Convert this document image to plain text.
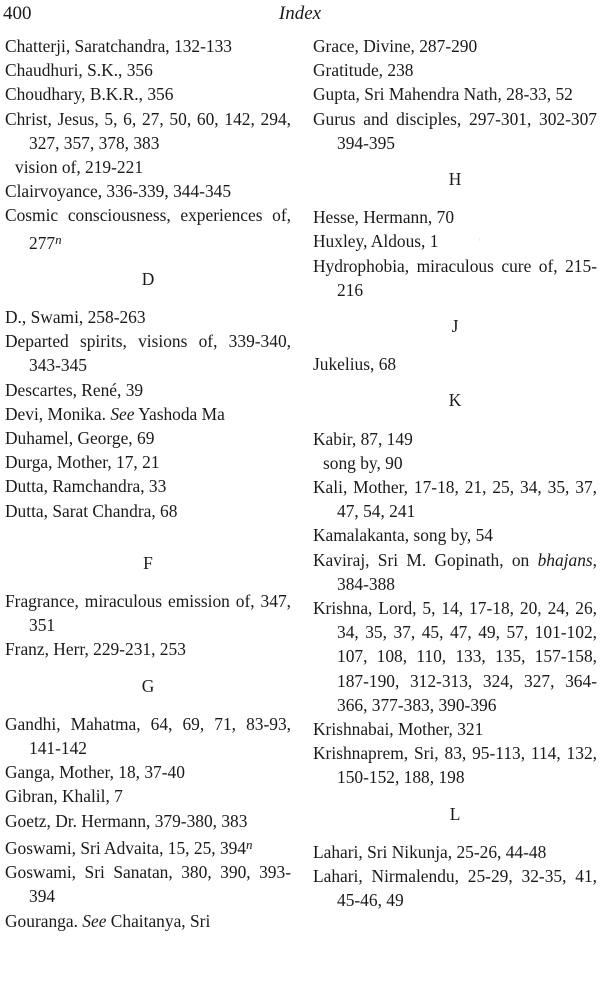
400	Index
˒

Chatterji, Saratchandra, 132-133

Chaudhuri, S.K., 356

Choudhary, B.K.R., 356

Christ, Jesus, 5, 6, 27, 50, 60, 142, 294, 327, 357, 378, 383

vision of, 219-221

Clairvoyance, 336-339, 344-345

Cosmic consciousness, experiences of, 277$^n$

D

D., Swami, 258-263

Departed spirits, visions of, 339-340, 343-345

Descartes, René, 39

Devi, Monika. See Yashoda Ma

Duhamel, George, 69

Durga, Mother, 17, 21

Dutta, Ramchandra, 33

Dutta, Sarat Chandra, 68

F

Fragrance, miraculous emission of, 347, 351

Franz, Herr, 229-231, 253

G

Gandhi, Mahatma, 64, 69, 71, 83-93, 141-142

Ganga, Mother, 18, 37-40

Gibran, Khalil, 7

Goetz, Dr. Hermann, 379-380, 383

Goswami, Sri Advaita, 15, 25, 394$^n$

Goswami, Sri Sanatan, 380, 390, 393-394

Gouranga. See Chaitanya, Sri

Grace, Divine, 287-290

Gratitude, 238

Gupta, Sri Mahendra Nath, 28-33, 52

Gurus and disciples, 297-301, 302-307 394-395

H

Hesse, Hermann, 70

Huxley, Aldous, 1

Hydrophobia, miraculous cure of, 215-216

J

Jukelius, 68

K

Kabir, 87, 149

song by, 90

Kali, Mother, 17-18, 21, 25, 34, 35, 37, 47, 54, 241

Kamalakanta, song by, 54

Kaviraj, Sri M. Gopinath, on bhajans, 384-388

Krishna, Lord, 5, 14, 17-18, 20, 24, 26, 34, 35, 37, 45, 47, 49, 57, 101-102, 107, 108, 110, 133, 135, 157-158, 187-190, 312-313, 324, 327, 364-366, 377-383, 390-396

Krishnabai, Mother, 321

Krishnaprem, Sri, 83, 95-113, 114, 132, 150-152, 188, 198

L

Lahari, Sri Nikunja, 25-26, 44-48

Lahari, Nirmalendu, 25-29, 32-35, 41, 45-46, 49
